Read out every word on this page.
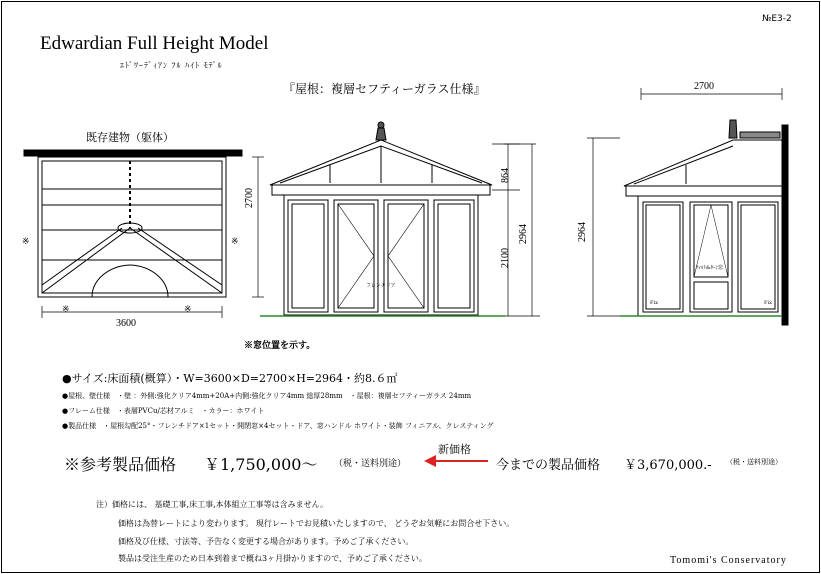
№E3-2
Edwardian Full Height Model
ｴﾄﾞﾜｰﾃﾞｨｱﾝ ﾌﾙ ﾊｲﾄ ﾓﾃﾞﾙ
『屋根：複層セフティーガラス仕様』
既存建物（躯体）
3600
2700
※	※
※	※
※窓位置を示す。
864
2100
2964
フレンチドア
2700
2964
ﾃｨﾙﾄ&ﾀｰﾝ窓
Fix	Fix
●サイズ:床面積(概算）・W=3600×D=2700×H=2964・約8.６㎡
●屋根、壁仕様　・壁 ：外側:強化クリア4mm+20A+内側:強化クリア4mm 総厚28mm　・屋根：複層セフティーガラス 24mm
●フレーム仕様　・表層PVCu/芯材アルミ　・カラー：ホワイト
●製品仕様　・屋根勾配25°・フレンチドア×1セット・開閉窓×4セット・ドア、窓ハンドル ホワイト・装飾 フィニアル、クレスティング
※参考製品価格 ￥1,750,000～ （税・送料別途）
新価格
今までの製品価格 ￥3,670,000.- （税・送料別途）
注）価格には、 基礎工事,床工事,本体組立工事等は含みません。
価格は為替レートにより変わります。 現行レートでお見積いたしますので、 どうぞお気軽にお問合せ下さい。
価格及び仕様、寸法等、予告なく変更する場合があります。予めご了承ください。
製品は受注生産のため日本到着まで概ね3ヶ月掛かりますので、予めご了承ください。	Tomomi's Conservatory
